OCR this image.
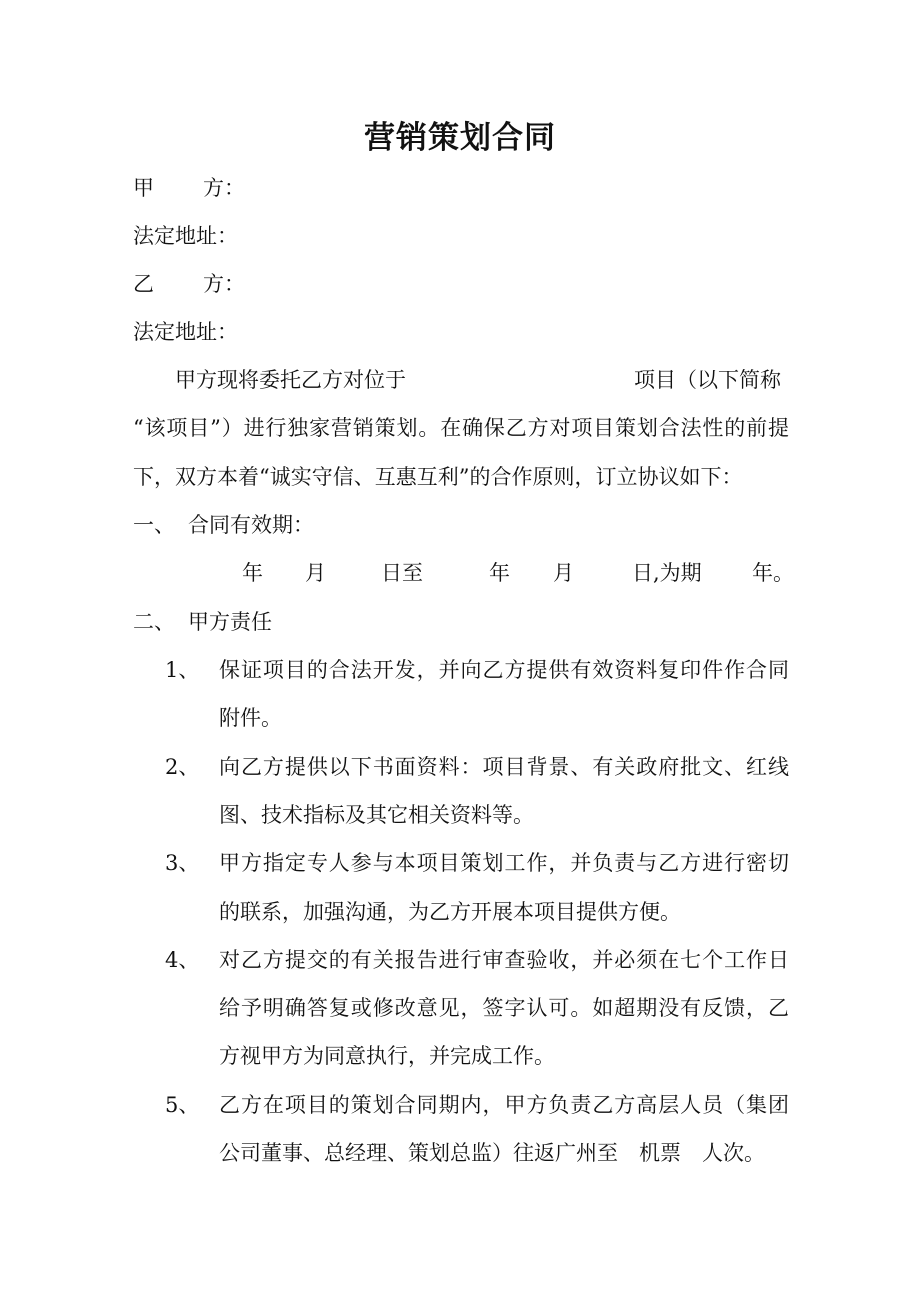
营销策划合同
甲 方：
法定地址：
乙 方：
法定地址：
甲方现将委托乙方对位于	项目（以下简称
“该项目”）进行独家营销策划。在确保乙方对项目策划合法性的前提
下，双方本着“诚实守信、互惠互利”的合作原则，订立协议如下：
一、 合同有效期：
年 月	日至	年 月	日,为期 年。
二、 甲方责任
1、 保证项目的合法开发，并向乙方提供有效资料复印件作合同
附件。
2、 向乙方提供以下书面资料：项目背景、有关政府批文、红线
图、技术指标及其它相关资料等。
3、 甲方指定专人参与本项目策划工作，并负责与乙方进行密切
的联系，加强沟通，为乙方开展本项目提供方便。
4、 对乙方提交的有关报告进行审查验收，并必须在七个工作日
给予明确答复或修改意见，签字认可。如超期没有反馈，乙
方视甲方为同意执行，并完成工作。
5、 乙方在项目的策划合同期内，甲方负责乙方高层人员（集团
公司董事、总经理、策划总监）往返广州至　机票　人次。
